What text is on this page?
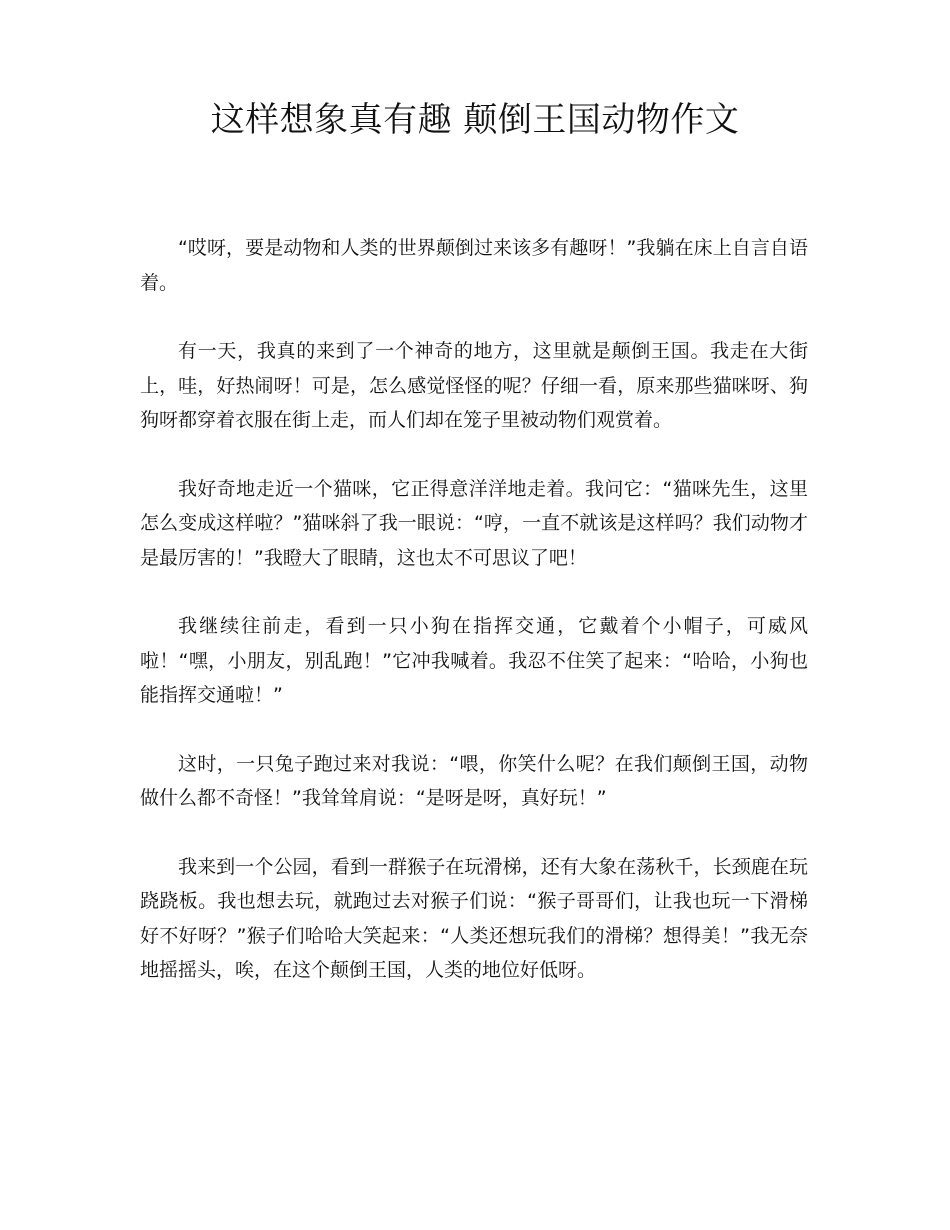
这样想象真有趣 颠倒王国动物作文

“哎呀，要是动物和人类的世界颠倒过来该多有趣呀！”我躺在床上自言自语着。

有一天，我真的来到了一个神奇的地方，这里就是颠倒王国。我走在大街上，哇，好热闹呀！可是，怎么感觉怪怪的呢？仔细一看，原来那些猫咪呀、狗狗呀都穿着衣服在街上走，而人们却在笼子里被动物们观赏着。

我好奇地走近一个猫咪，它正得意洋洋地走着。我问它：“猫咪先生，这里怎么变成这样啦？”猫咪斜了我一眼说：“哼，一直不就该是这样吗？我们动物才是最厉害的！”我瞪大了眼睛，这也太不可思议了吧！

我继续往前走，看到一只小狗在指挥交通，它戴着个小帽子，可威风啦！“嘿，小朋友，别乱跑！”它冲我喊着。我忍不住笑了起来：“哈哈，小狗也能指挥交通啦！”

这时，一只兔子跑过来对我说：“喂，你笑什么呢？在我们颠倒王国，动物做什么都不奇怪！”我耸耸肩说：“是呀是呀，真好玩！”

我来到一个公园，看到一群猴子在玩滑梯，还有大象在荡秋千，长颈鹿在玩跷跷板。我也想去玩，就跑过去对猴子们说：“猴子哥哥们，让我也玩一下滑梯好不好呀？”猴子们哈哈大笑起来：“人类还想玩我们的滑梯？想得美！”我无奈地摇摇头，唉，在这个颠倒王国，人类的地位好低呀。
